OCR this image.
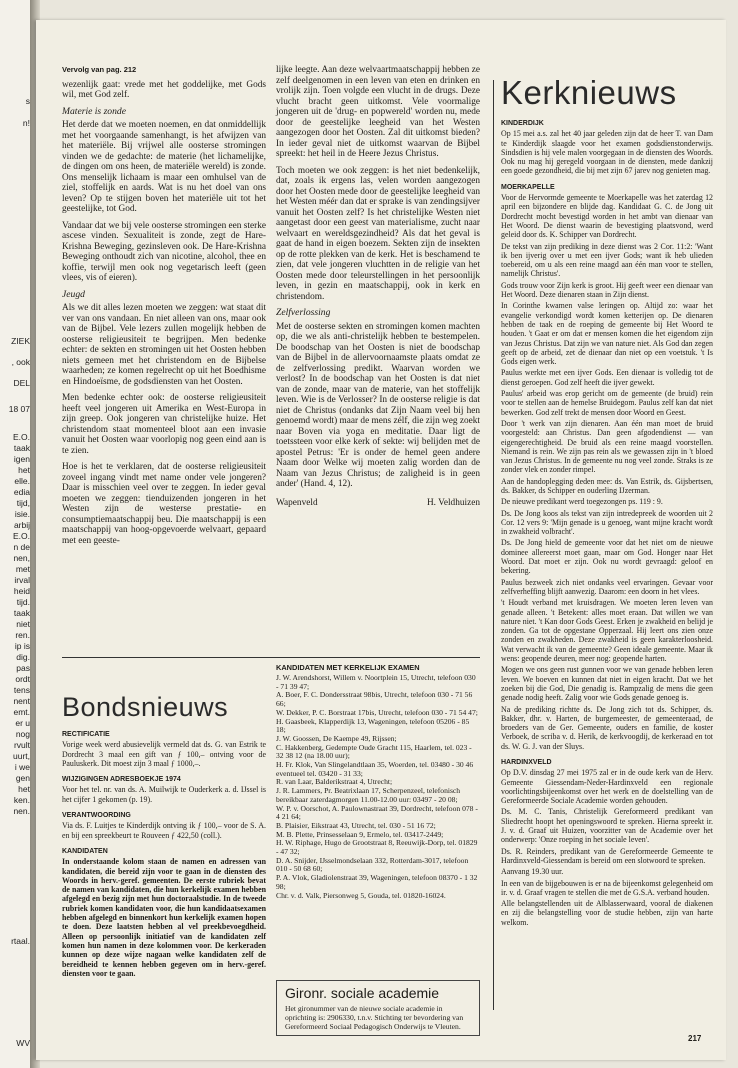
s
n!
ZIEK
, ook
DEL
18 07
E.O.
taak
igen
het
elle.
edia
tijd,
isie.
arbij
E.O.
n de
nen,
met
irval
heid
tijd.
taak
niet
ren.
ip is
dig.
pas
ordt
tens
nent
emt.
er u
nog
rvult
uurt,
i we
gen
het
ken.
nen.
rtaal.
WV
Vervolg van pag. 212

wezenlijk gaat: vrede met het goddelijke, met Gods wil, met God zelf.

Materie is zonde

Het derde dat we moeten noemen, en dat onmiddellijk met het voorgaande samenhangt, is het afwijzen van het materiële. Bij vrijwel alle oosterse stromingen vinden we de gedachte: de materie (het lichamelijke, de dingen om ons heen, de materiële wereld) is zonde. Ons menselijk lichaam is maar een omhulsel van de ziel, stoffelijk en aards. Wat is nu het doel van ons leven? Op te stijgen boven het materiële uit tot het geestelijke, tot God.

Vandaar dat we bij vele oosterse stromingen een sterke ascese vinden. Sexualiteit is zonde, zegt de Hare-Krishna Beweging, gezinsleven ook. De Hare-Krishna Beweging onthoudt zich van nicotine, alcohol, thee en koffie, terwijl men ook nog vegetarisch leeft (geen vlees, vis of eieren).

Jeugd

Als we dit alles lezen moeten we zeggen: wat staat dit ver van ons vandaan. En niet alleen van ons, maar ook van de Bijbel. Vele lezers zullen mogelijk hebben de oosterse religieusiteit te begrijpen. Men bedenke echter: de sekten en stromingen uit het Oosten hebben niets gemeen met het christendom en de Bijbelse waarheden; ze komen regelrecht op uit het Boedhisme en Hindoeïsme, de godsdiensten van het Oosten.

Men bedenke echter ook: de oosterse religieusiteit heeft veel jongeren uit Amerika en West-Europa in zijn greep. Ook jongeren van christelijke huize. Het christendom staat momenteel bloot aan een invasie vanuit het Oosten waar voorlopig nog geen eind aan is te zien.

Hoe is het te verklaren, dat de oosterse religieusiteit zoveel ingang vindt met name onder vele jongeren? Daar is misschien veel over te zeggen. In ieder geval moeten we zeggen: tienduizenden jongeren in het Westen zijn de westerse prestatie- en consumptiemaatschappij beu. Die maatschappij is een maatschappij van hoog-opgevoerde welvaart, gepaard met een geeste-

lijke leegte. Aan deze welvaartmaatschappij hebben ze zelf deelgenomen in een leven van eten en drinken en vrolijk zijn. Toen volgde een vlucht in de drugs. Deze vlucht bracht geen uitkomst. Vele voormalige jongeren uit de 'drug- en popwereld' worden nu, mede door de geestelijke leegheid van het Westen aangezogen door het Oosten. Zal dit uitkomst bieden? In ieder geval niet de uitkomst waarvan de Bijbel spreekt: het heil in de Heere Jezus Christus.

Toch moeten we ook zeggen: is het niet bedenkelijk, dat, zoals ik ergens las, velen worden aangezogen door het Oosten mede door de geestelijke leegheid van het Westen méér dan dat er sprake is van zendingsijver vanuit het Oosten zelf? Is het christelijke Westen niet aangetast door een geest van materialisme, zucht naar welvaart en wereldsgezindheid? Als dat het geval is gaat de hand in eigen boezem. Sekten zijn de insekten op de rotte plekken van de kerk. Het is beschamend te zien, dat vele jongeren vluchtten in de religie van het Oosten mede door teleurstellingen in het persoonlijk leven, in gezin en maatschappij, ook in kerk en christendom.

Zelfverlossing

Met de oosterse sekten en stromingen komen machten op, die we als anti-christelijk hebben te bestempelen. De boodschap van het Oosten is niet de boodschap van de Bijbel in de allervoornaamste plaats omdat ze de zelfverlossing predikt. Waarvan worden we verlost? In de boodschap van het Oosten is dat niet van de zonde, maar van de materie, van het stoffelijk leven. Wie is de Verlosser? In de oosterse religie is dat niet de Christus (ondanks dat Zijn Naam veel bij hen genoemd wordt) maar de mens zélf, die zijn weg zoekt naar Boven via yoga en meditatie. Daar ligt de toetssteen voor elke kerk of sekte: wij belijden met de apostel Petrus: 'Er is onder de hemel geen andere Naam door Welke wij moeten zalig worden dan de Naam van Jezus Christus; de zaligheid is in geen ander' (Hand. 4, 12).

Wapenveld	H. Veldhuizen
Bondsnieuws
RECTIFICATIE

Vorige week werd abusievelijk vermeld dat ds. G. van Estrik te Dordrecht 3 maal een gift van ƒ 100,– ontving voor de Pauluskerk. Dit moest zijn 3 maal ƒ 1000,–.

WIJZIGINGEN ADRESBOEKJE 1974

Voor het tel. nr. van ds. A. Muilwijk te Ouderkerk a. d. IJssel is het cijfer 1 gekomen (p. 19).

VERANTWOORDING

Via ds. F. Luitjes te Kinderdijk ontving ik ƒ 100,– voor de S. A. en bij een spreekbeurt te Rouveen ƒ 422,50 (coll.).

KANDIDATEN

In onderstaande kolom staan de namen en adressen van kandidaten, die bereid zijn voor te gaan in de diensten des Woords in herv.-geref. gemeenten. De eerste rubriek bevat de namen van kandidaten, die hun kerkelijk examen hebben afgelegd en bezig zijn met hun doctoraalstudie. In de tweede rubriek komen kandidaten voor, die hun kandidaatsexamen hebben afgelegd en binnenkort hun kerkelijk examen hopen te doen. Deze laatsten hebben al vel preekbevoegdheid. Alleen op persoonlijk initiatief van de kandidaten zelf komen hun namen in deze kolommen voor. De kerkeraden kunnen op deze wijze nagaan welke kandidaten zelf de bereidheid te kennen hebben gegeven om in herv.-geref. diensten voor te gaan.

KANDIDATEN MET KERKELIJK EXAMEN
J. W. Arendshorst, Willem v. Noortplein 15, Utrecht, telefoon 030 - 71 39 47;
A. Boer, F. C. Dondersstraat 98bis, Utrecht, telefoon 030 - 71 56 66;
W. Dekker, P. C. Borstraat 17bis, Utrecht, telefoon 030 - 71 54 47;
H. Gaasbeek, Klapperdijk 13, Wageningen, telefoon 05206 - 85 18;
J. W. Goossen, De Kaempe 49, Rijssen;
C. Hakkenberg, Gedempte Oude Gracht 115, Haarlem, tel. 023 - 32 38 12 (na 18.00 uur);
H. Fr. Klok, Van Slingelandtlaan 35, Woerden, tel. 03480 - 30 46 eventueel tel. 03420 - 31 33;
R. van Laar, Balderikstraat 4, Utrecht;
J. R. Lammers, Pr. Beatrixlaan 17, Scherpenzeel, telefonisch bereikbaar zaterdagmorgen 11.00-12.00 uur: 03497 - 20 08;
W. P. v. Oorschot, A. Paulownastraat 39, Dordrecht, telefoon 078 - 4 21 64;
B. Plaisier, Eikstraat 43, Utrecht, tel. 030 - 51 16 72;
M. B. Plette, Prinsesselaan 9, Ermelo, tel. 03417-2449;
H. W. Riphage, Hugo de Grootstraat 8, Reeuwijk-Dorp, tel. 01829 - 47 32;
D. A. Snijder, IJsselmondselaan 332, Rotterdam-3017, telefoon 010 - 50 68 60;
P. A. Vlok, Gladiolenstraat 39, Wageningen, telefoon 08370 - 1 32 98;
Chr. v. d. Valk, Piersonweg 5, Gouda, tel. 01820-16024.
Gironr. sociale academie
Het gironummer van de nieuwe sociale academie in oprichting is: 2906330, t.n.v. Stichting ter bevordering van Gereformeerd Sociaal Pedagogisch Onderwijs te Vleuten.
Kerknieuws
KINDERDIJK

Op 15 mei a.s. zal het 40 jaar geleden zijn dat de heer T. van Dam te Kinderdijk slaagde voor het examen godsdienstonderwijs. Sindsdien is hij vele malen voorgegaan in de diensten des Woords. Ook nu mag hij geregeld voorgaan in de diensten, mede dankzij een goede gezondheid, die bij met zijn 67 jarev nog genieten mag.

MOERKAPELLE

Voor de Hervormde gemeente te Moerkapelle was het zaterdag 12 april een bijzondere en blijde dag. Kandidaat G. C. de Jong uit Dordrecht mocht bevestigd worden in het ambt van dienaar van Het Woord. De dienst waarin de bevestiging plaatsvond, werd geleid door ds. K. Schipper van Dordrecht.

De tekst van zijn prediking in deze dienst was 2 Cor. 11:2: 'Want ik ben ijverig over u met een ijver Gods; want ik heb ulieden toebereid, om u als een reine maagd aan één man voor te stellen, namelijk Christus'.

Gods trouw voor Zijn kerk is groot. Hij geeft weer een dienaar van Het Woord. Deze dienaren staan in Zijn dienst.

In Corinthe kwamen valse leringen op. Altijd zo: waar het evangelie verkondigd wordt komen ketterijen op. De dienaren hebben de taak en de roeping de gemeente bij Het Woord te houden. 't Gaat er om dat er mensen komen die het eigendom zijn van Jezus Christus. Dat zijn we van nature niet. Als God dan zegen geeft op de arbeid, zet de dienaar dan niet op een voetstuk. 't Is Gods eigen werk.

Paulus werkte met een ijver Gods. Een dienaar is volledig tot de dienst geroepen. God zelf heeft die ijver gewekt.

Paulus' arbeid was erop gericht om de gemeente (de bruid) rein voor te stellen aan de hemelse Bruidegom. Paulus zelf kan dat niet bewerken. God zelf trekt de mensen door Woord en Geest.

Door 't werk van zijn dienaren. Aan één man moet de bruid voorgesteld: aan Christus. Dan geen afgodendienst — van eigengerechtigheid. De bruid als een reine maagd voorstellen. Niemand is rein. We zijn pas rein als we gewassen zijn in 't bloed van Jezus Christus. In de gemeente nu nog veel zonde. Straks is ze zonder vlek en zonder rimpel.

Aan de handoplegging deden mee: ds. Van Estrik, ds. Gijsbertsen, ds. Bakker, ds Schipper en ouderling IJzerman.

De nieuwe predikant werd toegezongen ps. 119 : 9.

Ds. De Jong koos als tekst van zijn intredepreek de woorden uit 2 Cor. 12 vers 9: 'Mijn genade is u genoeg, want mijne kracht wordt in zwakheid volbracht'.

Ds. De Jong hield de gemeente voor dat het niet om de nieuwe dominee allereerst moet gaan, maar om God. Honger naar Het Woord. Dat moet er zijn. Ook nu wordt gevraagd: geloof en bekering.

Paulus bezweek zich niet ondanks veel ervaringen. Gevaar voor zelfverheffing blijft aanwezig. Daarom: een doorn in het vlees.

't Houdt verband met kruisdragen. We moeten leren leven van genade alleen. 't Betekent: alles moet eraan. Dat willen we van nature niet. 't Kan door Gods Geest. Erken je zwakheid en belijd je zonden. Ga tot de opgestane Opperzaal. Hij leert ons zien onze zonden en zwakheden. Deze zwakheid is geen karakterloosheid. Wat verwacht ik van de gemeente? Geen ideale gemeente. Maar ik wens: geopende deuren, meer nog: geopende harten.

Mogen we ons geen rust gunnen voor we van genade hebben leren leven. We boeven en kunnen dat niet in eigen kracht. Dat we het zoeken bij die God, Die genadig is. Rampzalig de mens die geen genade nodig heeft. Zalig voor wie Gods genade genoeg is.

Na de prediking richtte ds. De Jong zich tot ds. Schipper, ds. Bakker, dhr. v. Harten, de burgemeester, de gemeenteraad, de broeders van de Ger. Gemeente, ouders en familie, de koster Verboek, de scriba v. d. Herik, de kerkvoogdij, de kerkeraad en tot ds. W. G. J. van der Sluys.

HARDINXVELD

Op D.V. dinsdag 27 mei 1975 zal er in de oude kerk van de Herv. Gemeente Giessendam-Neder-Hardinxveld een regionale voorlichtingsbijeenkomst over het werk en de doelstelling van de Gereformeerde Sociale Academie worden gehouden.

Ds. M. C. Tanis, Christelijk Gereformeerd predikant van Sliedrecht hoopt het openingswoord te spreken. Hierna spreekt ir. J. v. d. Graaf uit Huizen, voorzitter van de Academie over het onderwerp: 'Onze roeping in het sociale leven'.

Ds. R. Reinders, predikant van de Gereformeerde Gemeente te Hardinxveld-Giessendam is bereid om een slotwoord te spreken.

Aanvang 19.30 uur.

In een van de bijgebouwen is er na de bijeenkomst gelegenheid om ir. v. d. Graaf vragen te stellen die met de G.S.A. verband houden.

Alle belangstellenden uit de Alblasserwaard, vooral de diakenen en zij die belangstelling voor de studie hebben, zijn van harte welkom.

217
